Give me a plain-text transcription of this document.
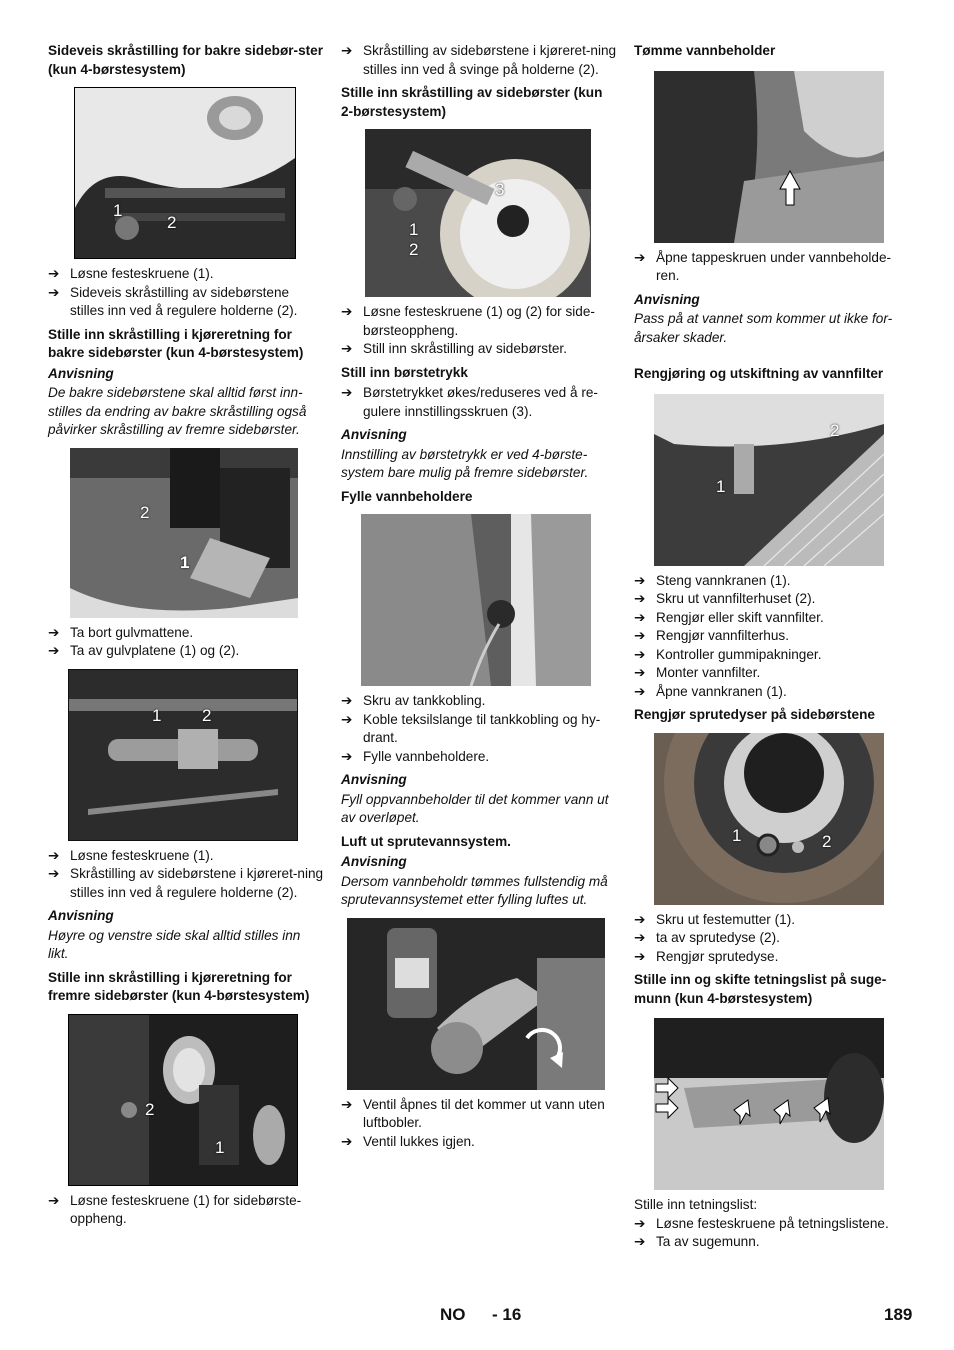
Sideveis skråstilling for bakre sidebør-ster (kun 4-børstesystem)
1
2
➔ Løsne festeskruene (1).
➔ Sideveis skråstilling av sidebørstene stilles inn ved å regulere holderne (2).
Stille inn skråstilling i kjøreretning for bakre sidebørster (kun 4-børstesystem)
Anvisning
De bakre sidebørstene skal alltid først inn-stilles da endring av bakre skråstilling også påvirker skråstilling av fremre sidebørster.
2
1
➔ Ta bort gulvmattene.
➔ Ta av gulvplatene (1) og (2).
1 2
➔ Løsne festeskruene (1).
➔ Skråstilling av sidebørstene i kjøreret-ning stilles inn ved å regulere holderne (2).
Anvisning
Høyre og venstre side skal alltid stilles inn likt.
Stille inn skråstilling i kjøreretning for fremre sidebørster (kun 4-børstesystem)
2
1
➔ Løsne festeskruene (1) for sidebørste-oppheng.
➔ Skråstilling av sidebørstene i kjøreret-ning stilles inn ved å svinge på holderne (2).
Stille inn skråstilling av sidebørster (kun 2-børstesystem)
3
1
2
➔ Løsne festeskruene (1) og (2) for side-børsteoppheng.
➔ Still inn skråstilling av sidebørster.
Still inn børstetrykk
➔ Børstetrykket økes/reduseres ved å re-gulere innstillingsskruen (3).
Anvisning
Innstilling av børstetrykk er ved 4-børste-system bare mulig på fremre sidebørster.
Fylle vannbeholdere
➔ Skru av tankkobling.
➔ Koble teksilslange til tankkobling og hy-drant.
➔ Fylle vannbeholdere.
Anvisning
Fyll oppvannbeholder til det kommer vann ut av overløpet.
Luft ut sprutevannsystem.
Anvisning
Dersom vannbeholdr tømmes fullstendig må sprutevannsystemet etter fylling luftes ut.
➔ Ventil åpnes til det kommer ut vann uten luftbobler.
➔ Ventil lukkes igjen.
Tømme vannbeholder
➔ Åpne tappeskruen under vannbeholde-ren.
Anvisning
Pass på at vannet som kommer ut ikke for-årsaker skader.
Rengjøring og utskiftning av vannfilter
2
1
➔ Steng vannkranen (1).
➔ Skru ut vannfilterhuset (2).
➔ Rengjør eller skift vannfilter.
➔ Rengjør vannfilterhus.
➔ Kontroller gummipakninger.
➔ Monter vannfilter.
➔ Åpne vannkranen (1).
Rengjør sprutedyser på sidebørstene
1	2
➔ Skru ut festemutter (1).
➔ ta av sprutedyse (2).
➔ Rengjør sprutedyse.
Stille inn og skifte tetningslist på suge-munn (kun 4-børstesystem)
Stille inn tetningslist:
➔ Løsne festeskruene på tetningslistene.
➔ Ta av sugemunn.
NO - 16	189
